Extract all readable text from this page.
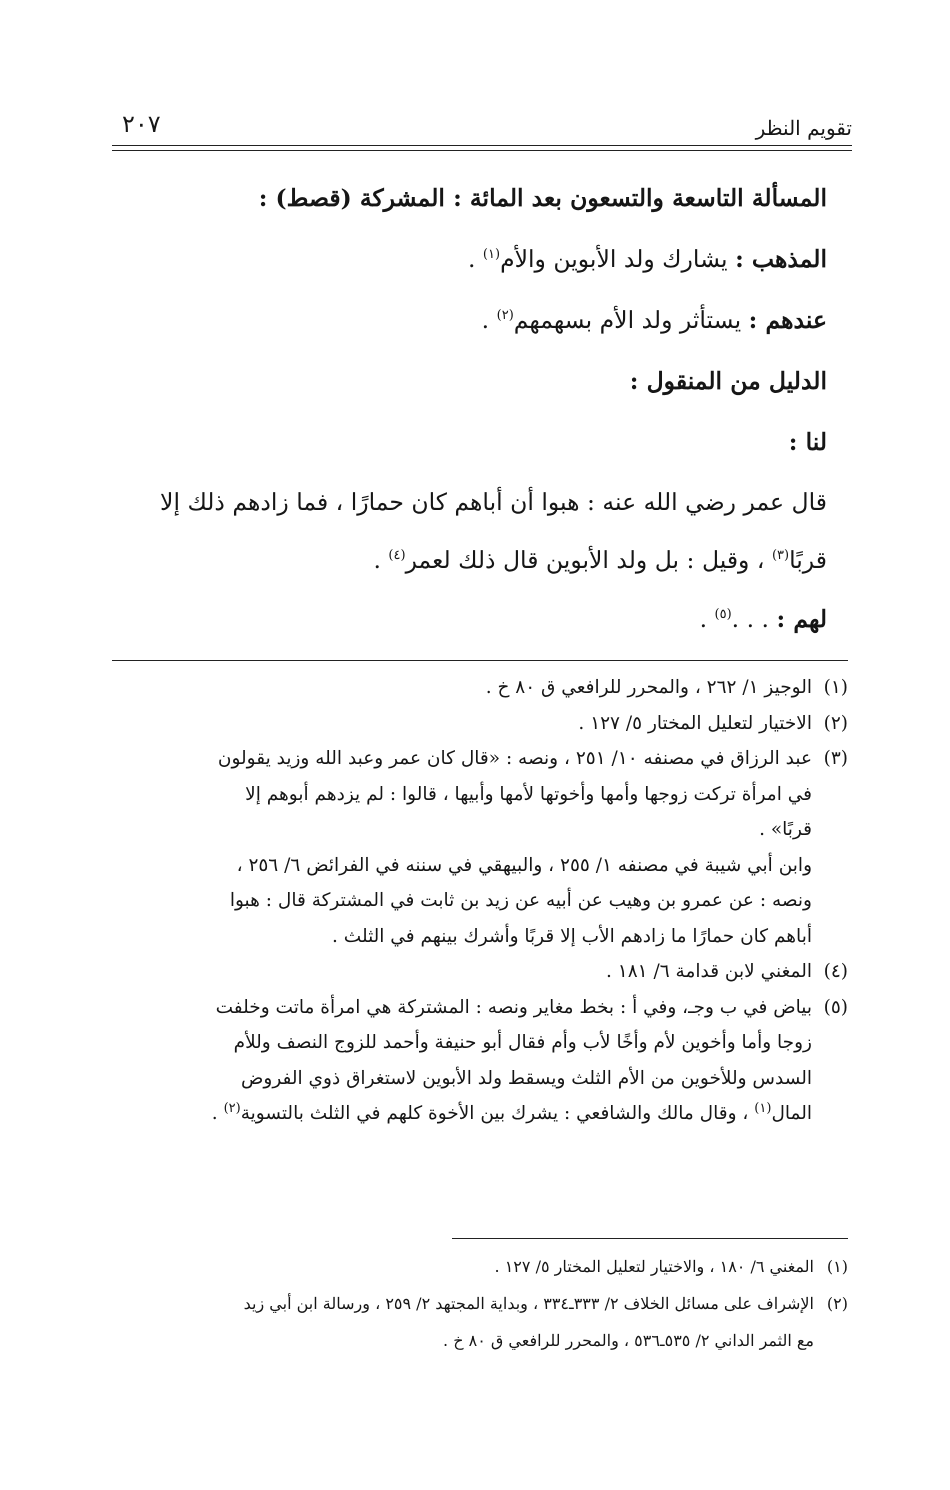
٢٠٧	تقويم النظر

المسألة التاسعة والتسعون بعد المائة : المشركة (قصط) :

المذهب : يشارك ولد الأبوين والأم$^{(١)}$ .

عندهم : يستأثر ولد الأم بسهمهم$^{(٢)}$ .

الدليل من المنقول :

لنا :

قال عمر رضي الله عنه : هبوا أن أباهم كان حمارًا ، فما زادهم ذلك إلا

قربًا$^{(٣)}$ ، وقيل : بل ولد الأبوين قال ذلك لعمر$^{(٤)}$ .

لهم : . . .$^{(٥)}$ .

(١)
الوجيز ١/ ٢٦٢ ، والمحرر للرافعي ق ٨٠ خ .
(٢)
الاختيار لتعليل المختار ٥/ ١٢٧ .
(٣)
عبد الرزاق في مصنفه ١٠/ ٢٥١ ، ونصه : «قال كان عمر وعبد الله وزيد يقولون
في امرأة تركت زوجها وأمها وأخوتها لأمها وأبيها ، قالوا : لم يزدهم أبوهم إلا
قربًا» .
وابن أبي شيبة في مصنفه ١/ ٢٥٥ ، والبيهقي في سننه في الفرائض ٦/ ٢٥٦ ،
ونصه : عن عمرو بن وهيب عن أبيه عن زيد بن ثابت في المشتركة قال : هبوا
أباهم كان حمارًا ما زادهم الأب إلا قربًا وأشرك بينهم في الثلث .
(٤)
المغني لابن قدامة ٦/ ١٨١ .
(٥)
بياض في ب وجـ، وفي أ : بخط مغاير ونصه : المشتركة هي امرأة ماتت وخلفت
زوجا وأما وأخوين لأم وأخًا لأب وأم فقال أبو حنيفة وأحمد للزوج النصف وللأم
السدس وللأخوين من الأم الثلث ويسقط ولد الأبوين لاستغراق ذوي الفروض
المال$^{(١)}$ ، وقال مالك والشافعي : يشرك بين الأخوة كلهم في الثلث بالتسوية$^{(٢)}$ .
(١)
المغني ٦/ ١٨٠ ، والاختيار لتعليل المختار ٥/ ١٢٧ .
(٢)
الإشراف على مسائل الخلاف ٢/ ٣٣٣ـ٣٣٤ ، وبداية المجتهد ٢/ ٢٥٩ ، ورسالة ابن أبي زيد
مع الثمر الداني ٢/ ٥٣٥ـ٥٣٦ ، والمحرر للرافعي ق ٨٠ خ .
